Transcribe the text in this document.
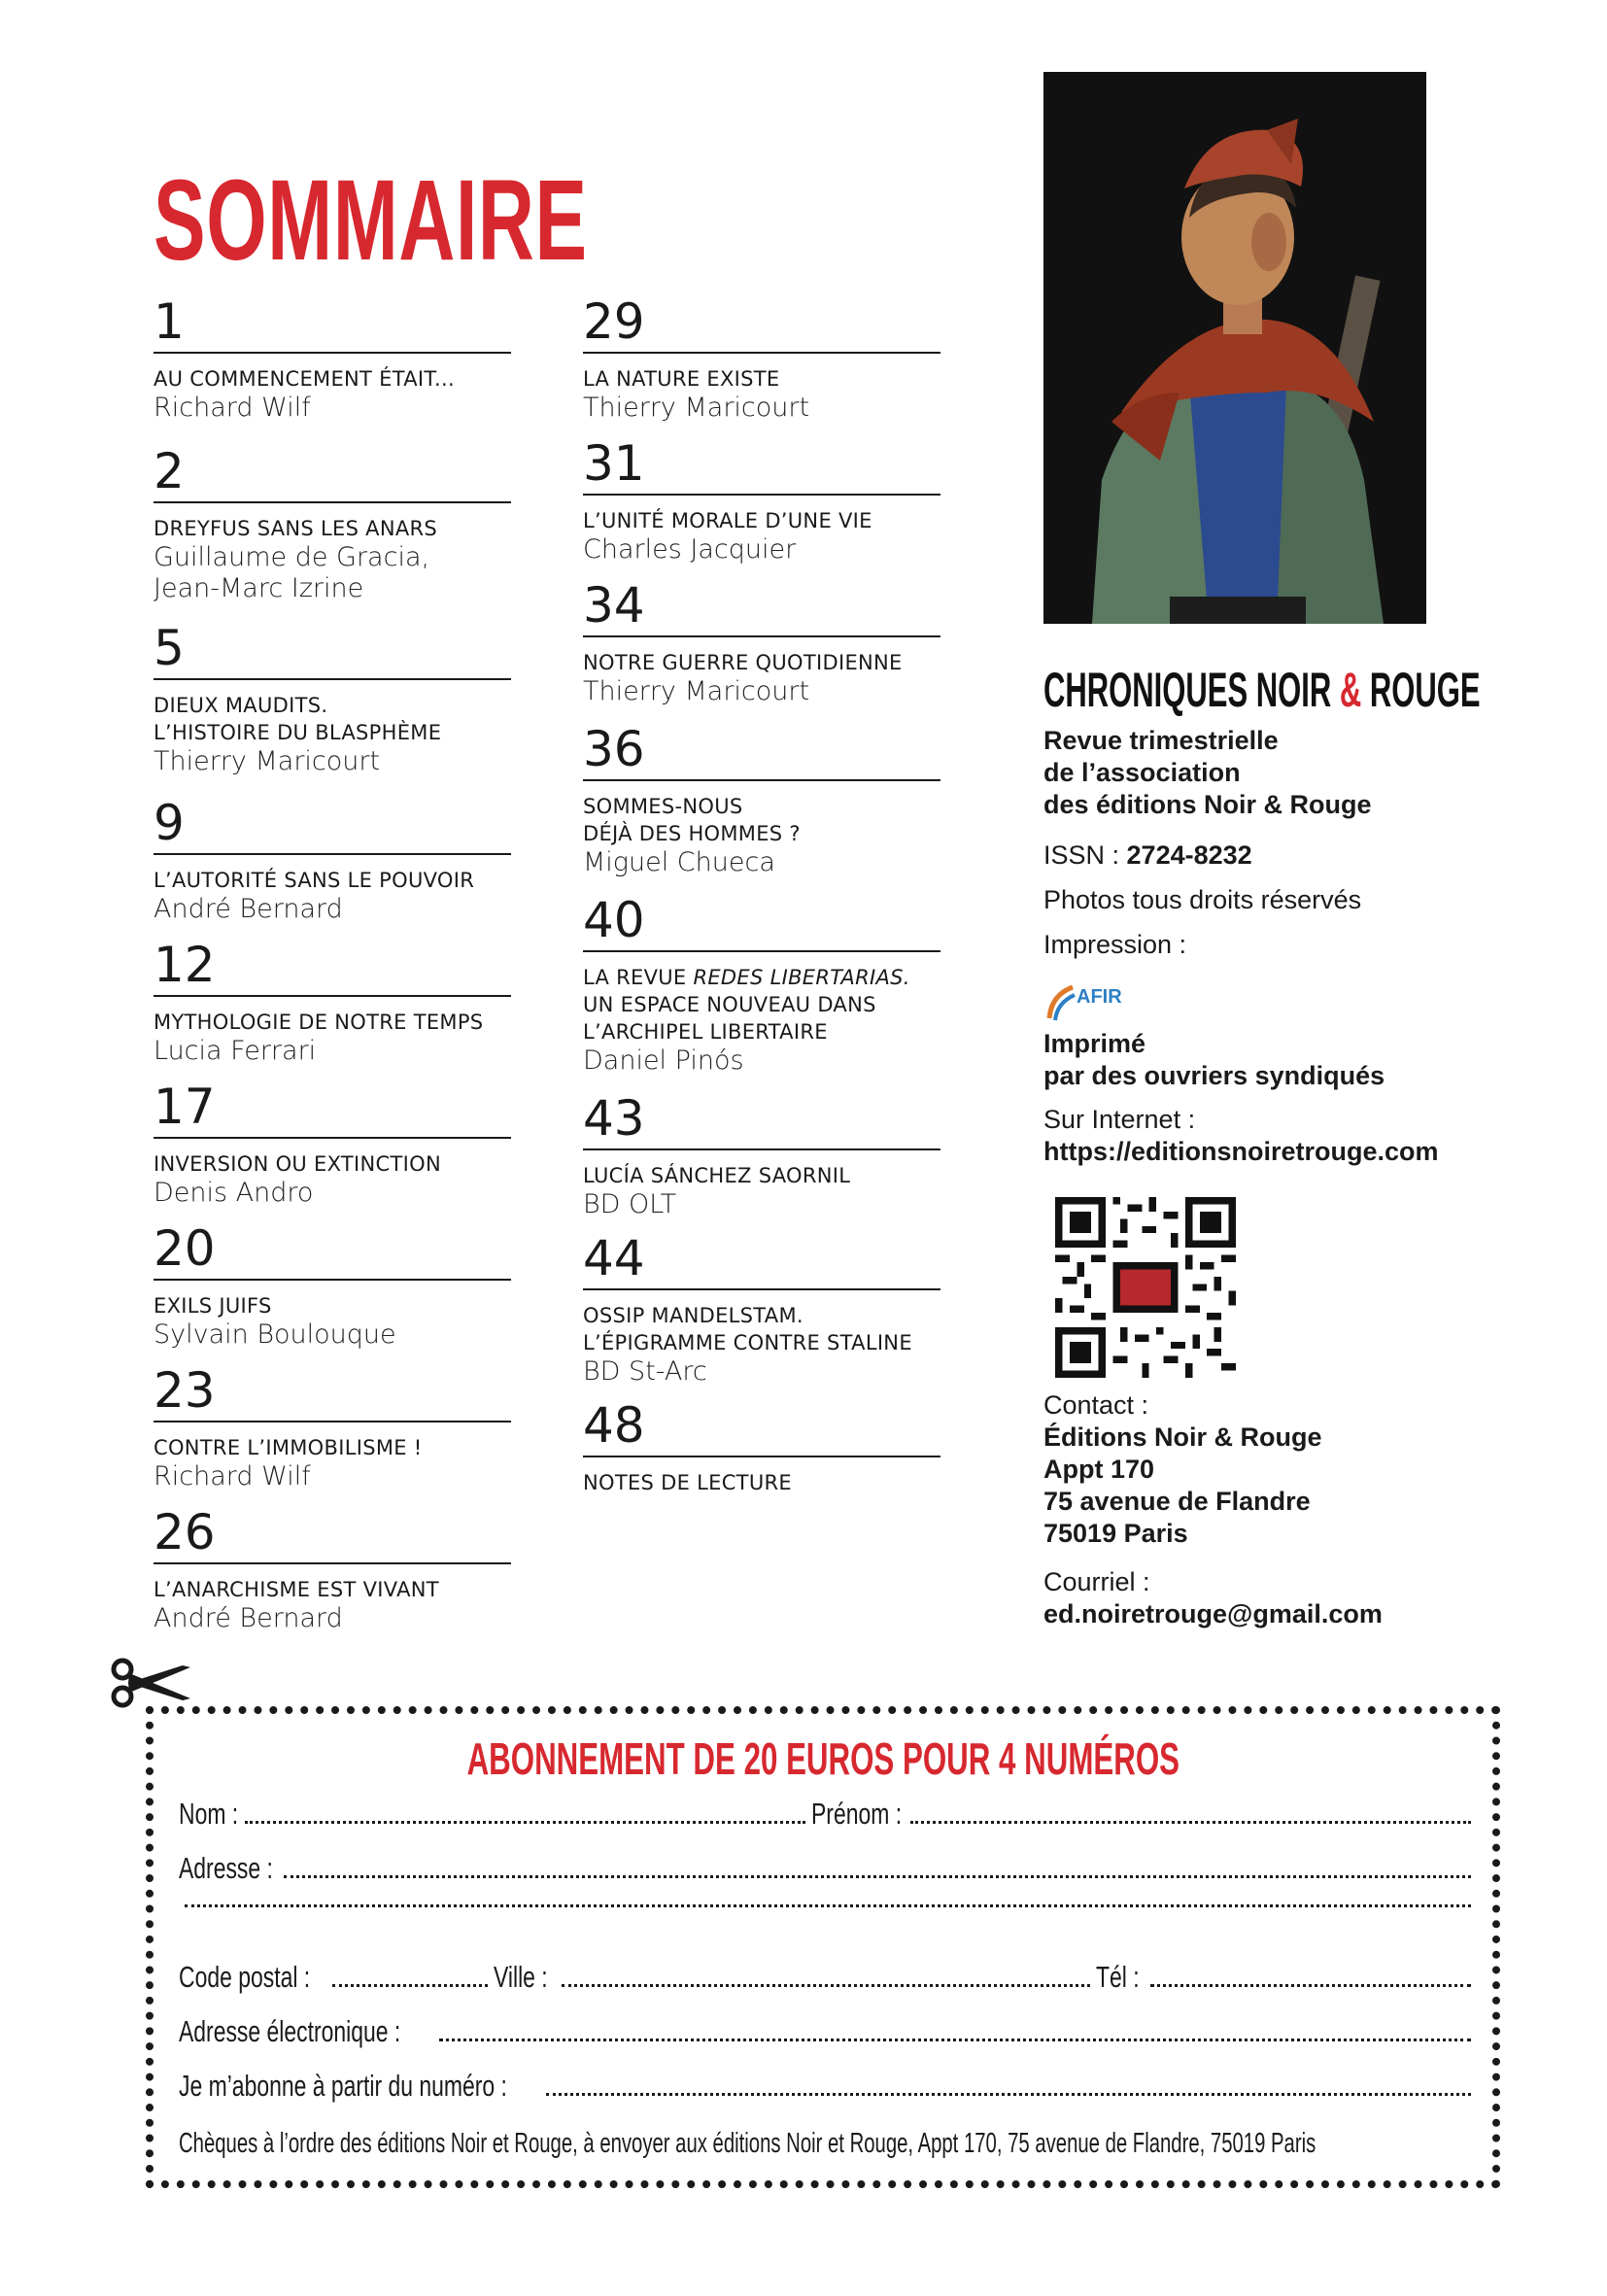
SOMMAIRE
1
AU COMMENCEMENT ÉTAIT...
Richard Wilf
2
DREYFUS SANS LES ANARS
Guillaume de Gracia,
Jean-Marc Izrine
5
DIEUX MAUDITS.
L’HISTOIRE DU BLASPHÈME
Thierry Maricourt
9
L’AUTORITÉ SANS LE POUVOIR
André Bernard
12
MYTHOLOGIE DE NOTRE TEMPS
Lucia Ferrari
17
INVERSION OU EXTINCTION
Denis Andro
20
EXILS JUIFS
Sylvain Boulouque
23
CONTRE L’IMMOBILISME !
Richard Wilf
26
L’ANARCHISME EST VIVANT
André Bernard
29
LA NATURE EXISTE
Thierry Maricourt
31
L’UNITÉ MORALE D’UNE VIE
Charles Jacquier
34
NOTRE GUERRE QUOTIDIENNE
Thierry Maricourt
36
SOMMES-NOUS
DÉJÀ DES HOMMES ?
Miguel Chueca
40
LA REVUE REDES LIBERTARIAS.
UN ESPACE NOUVEAU DANS
L’ARCHIPEL LIBERTAIRE
Daniel Pinós
43
LUCÍA SÁNCHEZ SAORNIL
BD OLT
44
OSSIP MANDELSTAM.
L’ÉPIGRAMME CONTRE STALINE
BD St-Arc
48
NOTES DE LECTURE
CHRONIQUES NOIR & ROUGE
Revue trimestrielle
de l’association
des éditions Noir & Rouge
ISSN : 2724-8232
Photos tous droits réservés
Impression :
AFIR
Imprimé
par des ouvriers syndiqués
Sur Internet :
https://editionsnoiretrouge.com
Contact :
Éditions Noir & Rouge
Appt 170
75 avenue de Flandre
75019 Paris
Courriel :
ed.noiretrouge@gmail.com
ABONNEMENT DE 20 EUROS POUR 4 NUMÉROS
Nom :	Prénom :
Adresse :
Code postal :	Ville :	Tél :
Adresse électronique :
Je m’abonne à partir du numéro :
Chèques à l’ordre des éditions Noir et Rouge, à envoyer aux éditions Noir et Rouge, Appt 170, 75 avenue de Flandre, 75019 Paris
